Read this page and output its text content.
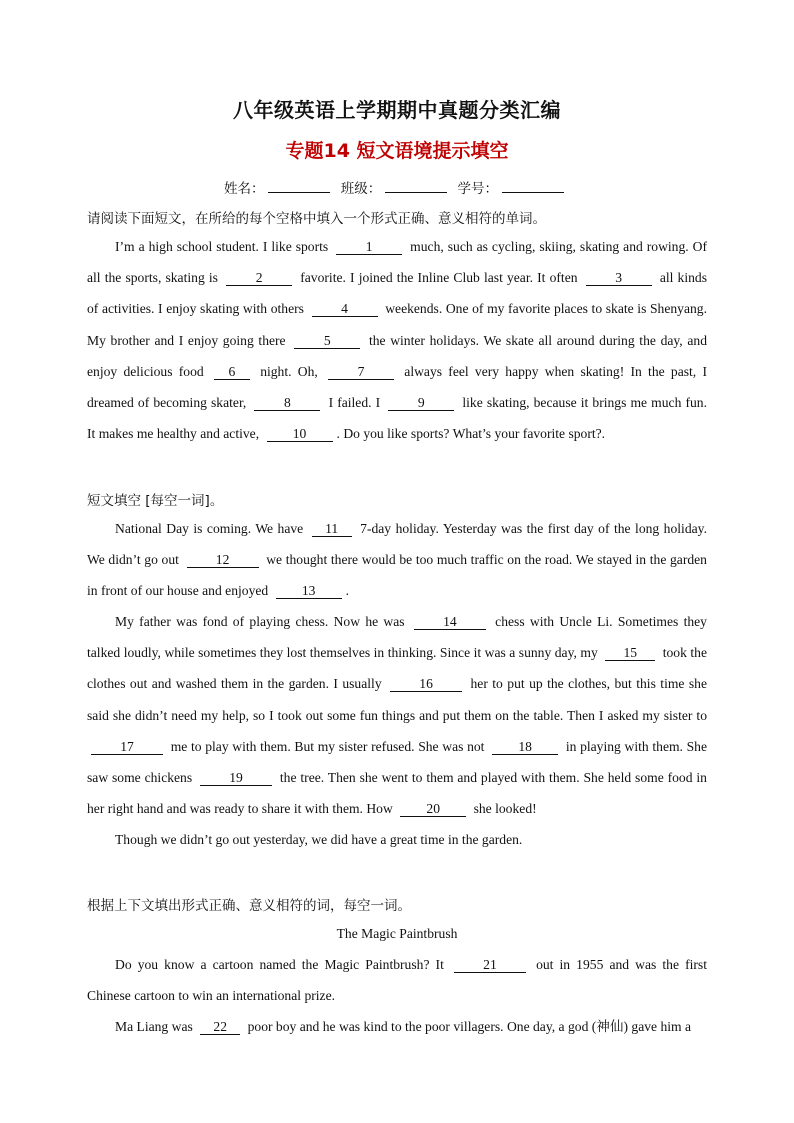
八年级英语上学期期中真题分类汇编
专题14 短文语境提示填空
姓名：	班级：	学号：
请阅读下面短文，在所给的每个空格中填入一个形式正确、意义相符的单词。
I’m a high school student. I like sports	1	much, such as cycling, skiing, skating and rowing. Of all the sports, skating is	2	favorite. I joined the Inline Club last year. It often	3	all kinds of activities. I enjoy skating with others	4	weekends. One of my favorite places to skate is Shenyang. My brother and I enjoy going there	5	the winter holidays. We skate all around during the day, and enjoy delicious food 6 night. Oh,	7	always feel very happy when skating! In the past, I dreamed of becoming skater,	8	I failed. I	9	like skating, because it brings me much fun. It makes me healthy and active, 10 . Do you like sports? What’s your favorite sport?.
短文填空 [每空一词]。
National Day is coming. We have 11 7-day holiday. Yesterday was the first day of the long holiday. We didn’t go out	12	we thought there would be too much traffic on the road. We stayed in the garden in front of our house and enjoyed 13 .
My father was fond of playing chess. Now he was	14	chess with Uncle Li. Sometimes they talked loudly, while sometimes they lost themselves in thinking. Since it was a sunny day, my 15 took the clothes out and washed them in the garden. I usually	16	her to put up the clothes, but this time she said she didn’t need my help, so I took out some fun things and put them on the table. Then I asked my sister to 17	me to play with them. But my sister refused. She was not 18 in playing with them. She saw some chickens	19	the tree. Then she went to them and played with them. She held some food in her right hand and was ready to share it with them. How 20 she looked!
Though we didn’t go out yesterday, we did have a great time in the garden.
根据上下文填出形式正确、意义相符的词，每空一词。
The Magic Paintbrush
Do you know a cartoon named the Magic Paintbrush? It	21	out in 1955 and was the first Chinese cartoon to win an international prize.
Ma Liang was 22 poor boy and he was kind to the poor villagers. One day, a god (神仙) gave him a
